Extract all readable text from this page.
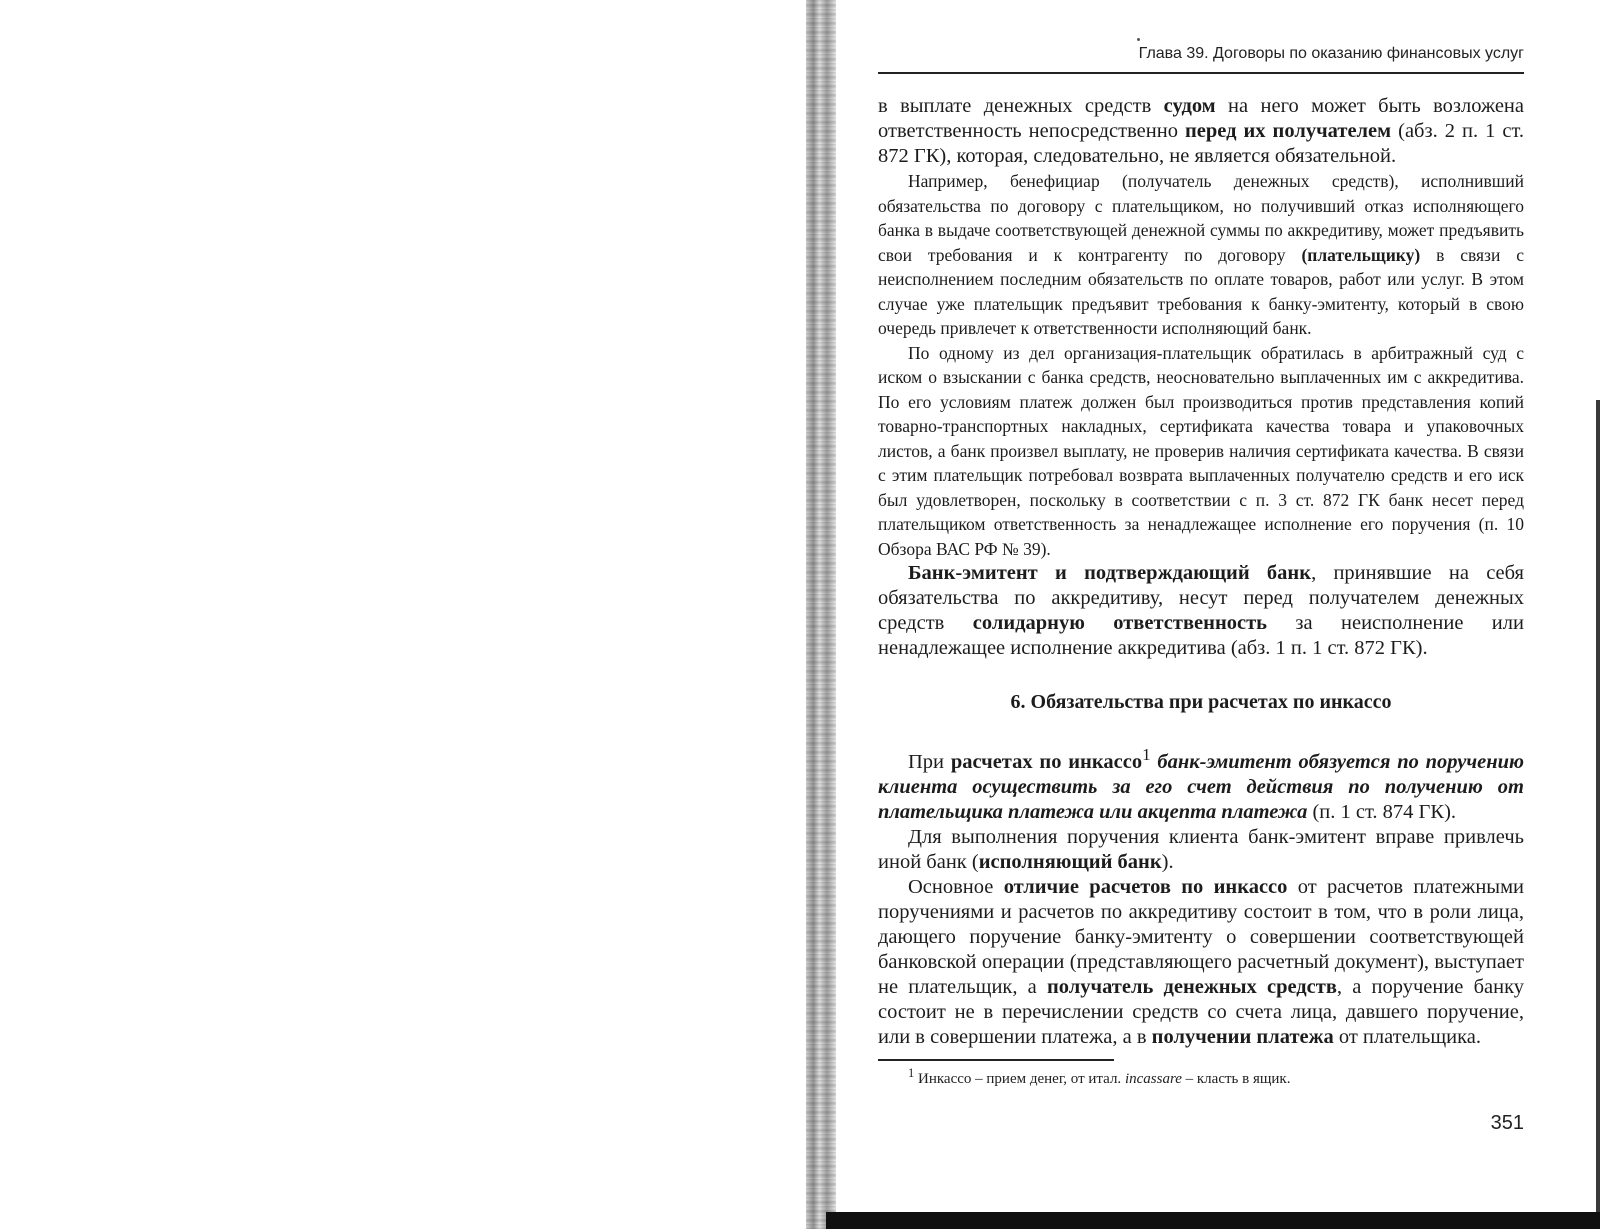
Глава 39. Договоры по оказанию финансовых услуг

в выплате денежных средств судом на него может быть возложена ответственность непосредственно перед их получателем (абз. 2 п. 1 ст. 872 ГК), которая, следовательно, не является обязательной.

Например, бенефициар (получатель денежных средств), исполнивший обязательства по договору с плательщиком, но получивший отказ исполняющего банка в выдаче соответствующей денежной суммы по аккредитиву, может предъявить свои требования и к контрагенту по договору (плательщику) в связи с неисполнением последним обязательств по оплате товаров, работ или услуг. В этом случае уже плательщик предъявит требования к банку-эмитенту, который в свою очередь привлечет к ответственности исполняющий банк.

По одному из дел организация-плательщик обратилась в арбитражный суд с иском о взыскании с банка средств, неосновательно выплаченных им с аккредитива. По его условиям платеж должен был производиться против представления копий товарно-транспортных накладных, сертификата качества товара и упаковочных листов, а банк произвел выплату, не проверив наличия сертификата качества. В связи с этим плательщик потребовал возврата выплаченных получателю средств и его иск был удовлетворен, поскольку в соответствии с п. 3 ст. 872 ГК банк несет перед плательщиком ответственность за ненадлежащее исполнение его поручения (п. 10 Обзора ВАС РФ № 39).

Банк-эмитент и подтверждающий банк, принявшие на себя обязательства по аккредитиву, несут перед получателем денежных средств солидарную ответственность за неисполнение или ненадлежащее исполнение аккредитива (абз. 1 п. 1 ст. 872 ГК).

6. Обязательства при расчетах по инкассо

При расчетах по инкассо$^1$ банк-эмитент обязуется по поручению клиента осуществить за его счет действия по получению от плательщика платежа или акцепта платежа (п. 1 ст. 874 ГК).

Для выполнения поручения клиента банк-эмитент вправе привлечь иной банк (исполняющий банк).

Основное отличие расчетов по инкассо от расчетов платежными поручениями и расчетов по аккредитиву состоит в том, что в роли лица, дающего поручение банку-эмитенту о совершении соответствующей банковской операции (представляющего расчетный документ), выступает не плательщик, а получатель денежных средств, а поручение банку состоит не в перечислении средств со счета лица, давшего поручение, или в совершении платежа, а в получении платежа от плательщика.

$^1$ Инкассо – прием денег, от итал. incassare – класть в ящик.
351
